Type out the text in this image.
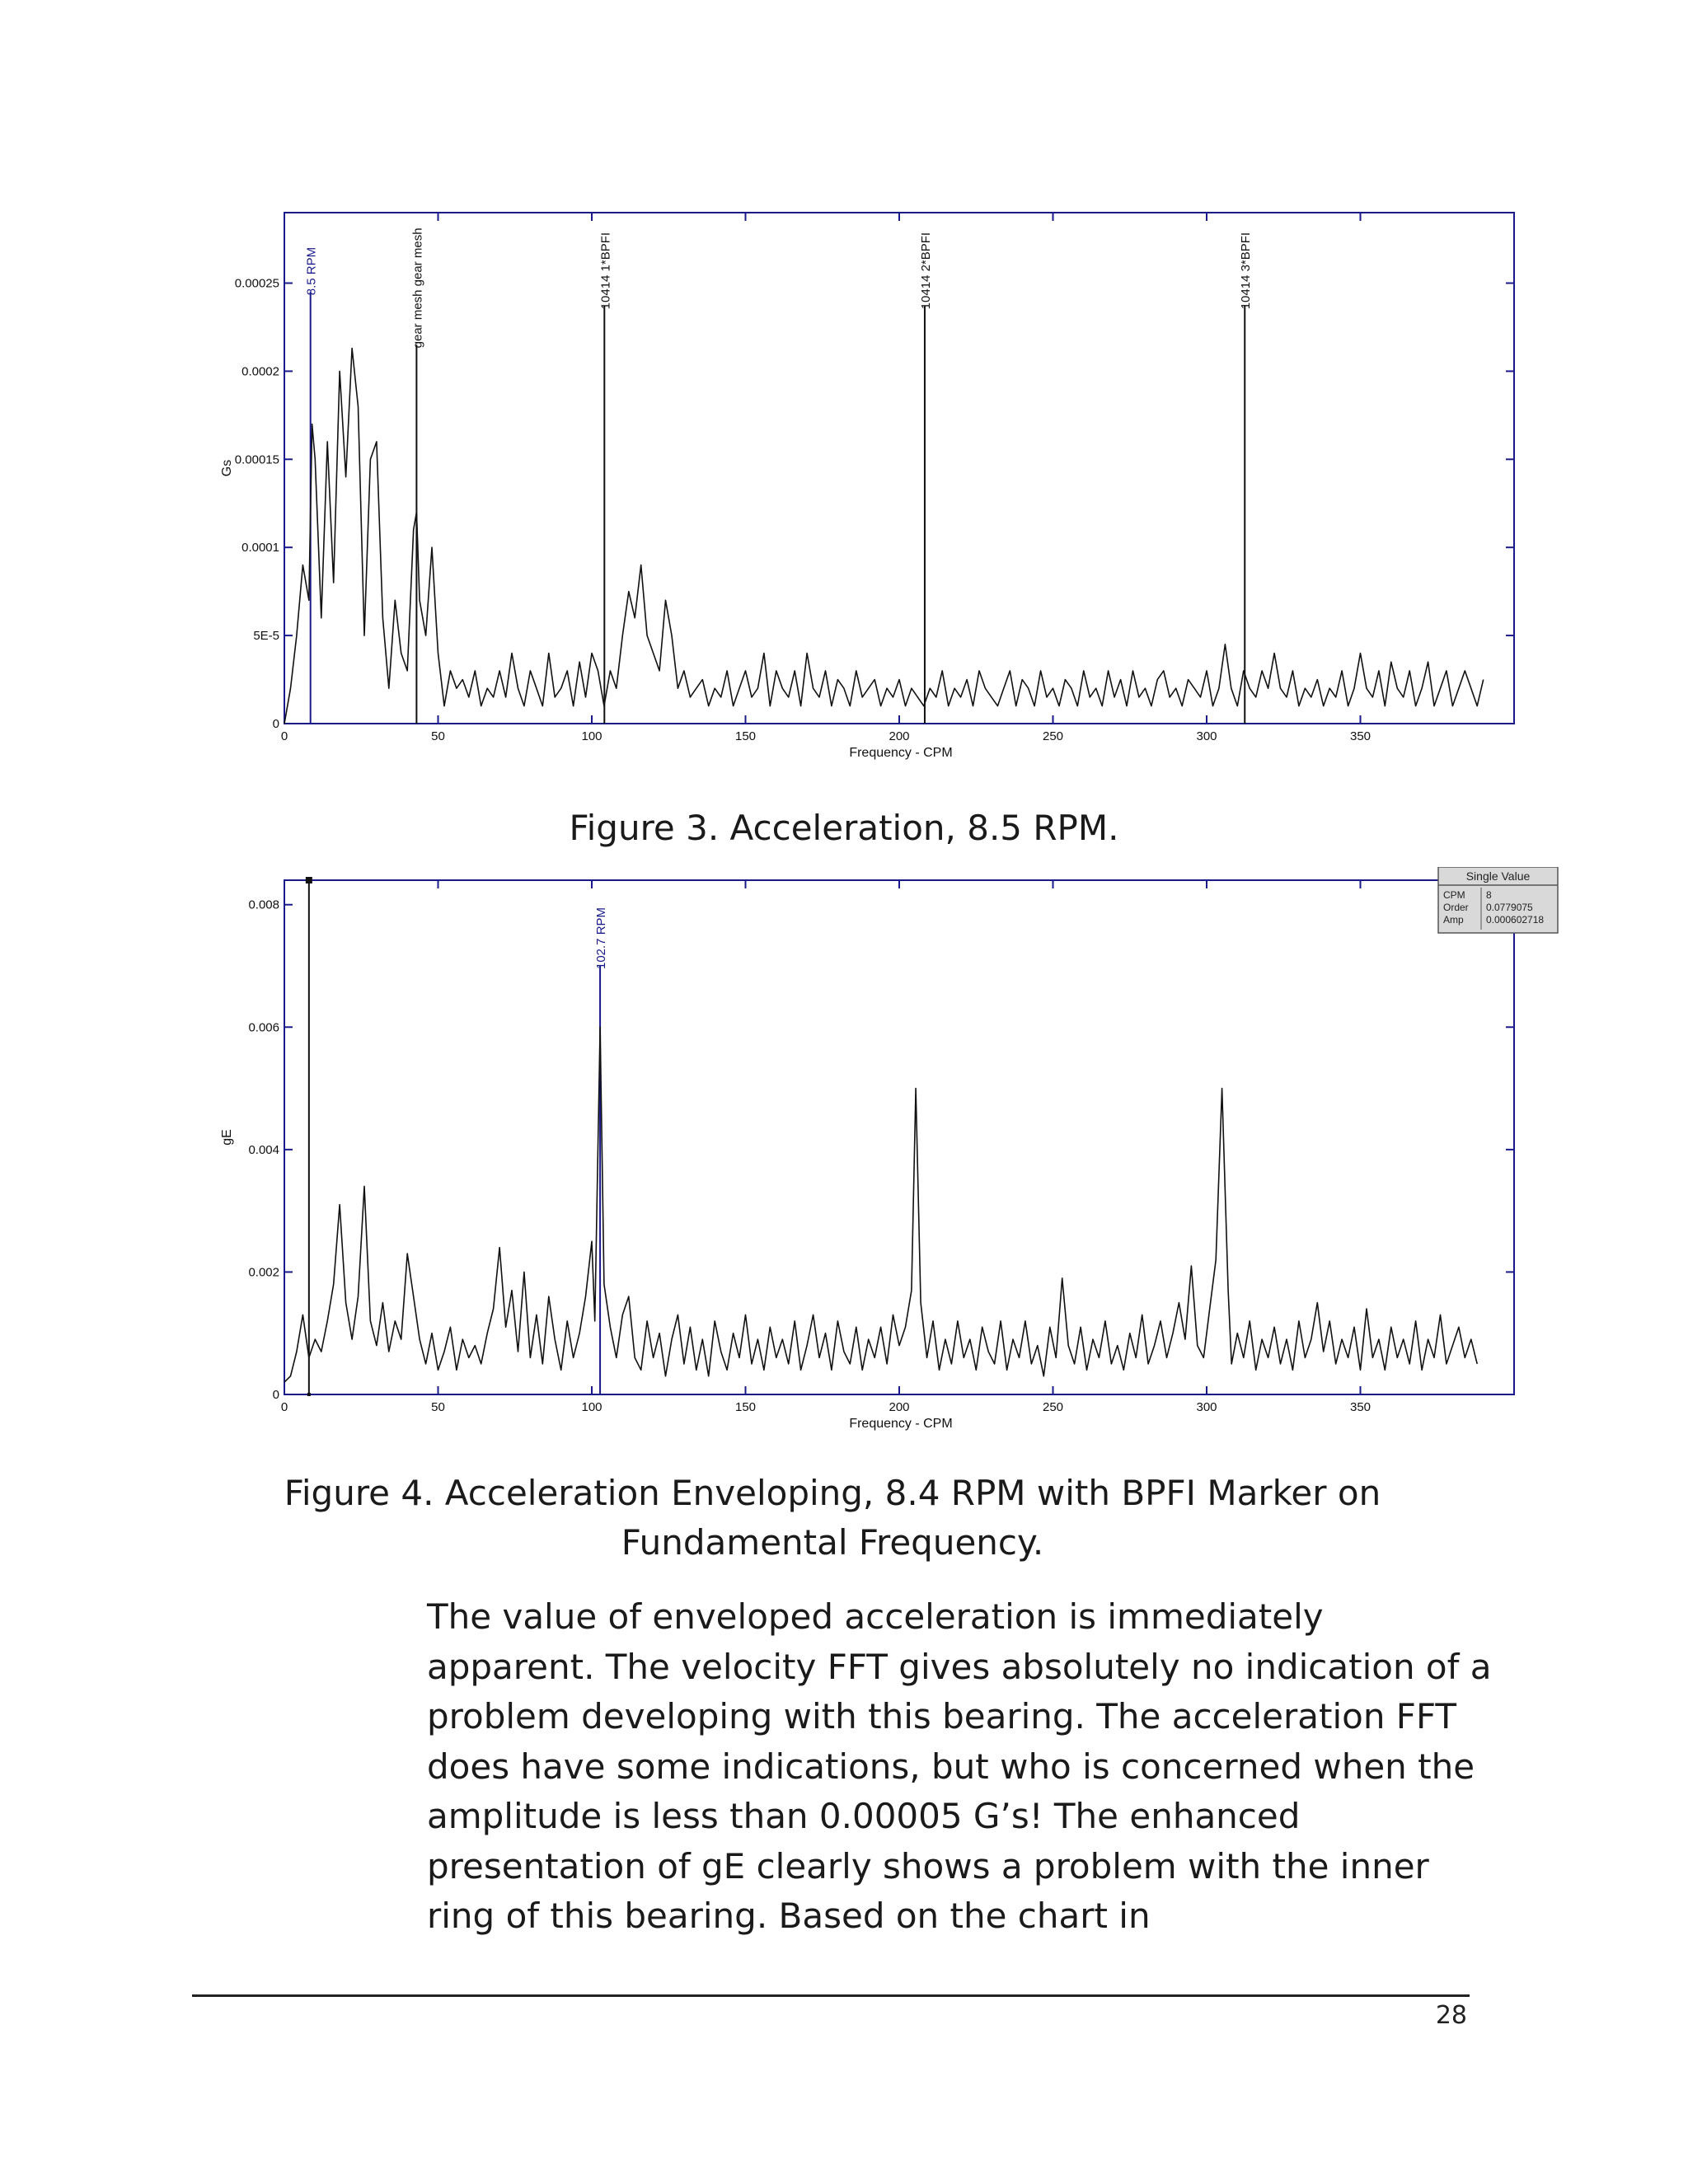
0	50	100	150	200	250	300	350
0
5E-5
0.0001
0.00015
0.0002
0.00025
Frequency - CPM
Gs
8.5 RPM	gear mesh gear mesh	10414 1*BPFI	10414 2*BPFI	10414 3*BPFI
Figure 3. Acceleration, 8.5 RPM.
0	50	100	150	200	250	300	350
0
0.002
0.004
0.006
0.008
Frequency - CPM
gE
102.7 RPM
Single Value
CPM 8
Order 0.0779075
Amp 0.000602718
Figure 4. Acceleration Enveloping, 8.4 RPM with BPFI Marker on Fundamental Frequency.
The value of enveloped acceleration is immediately apparent. The velocity FFT gives absolutely no indication of a problem developing with this bearing. The acceleration FFT does have some indications, but who is concerned when the amplitude is less than 0.00005 G’s! The enhanced presentation of gE clearly shows a problem with the inner ring of this bearing. Based on the chart in
28
